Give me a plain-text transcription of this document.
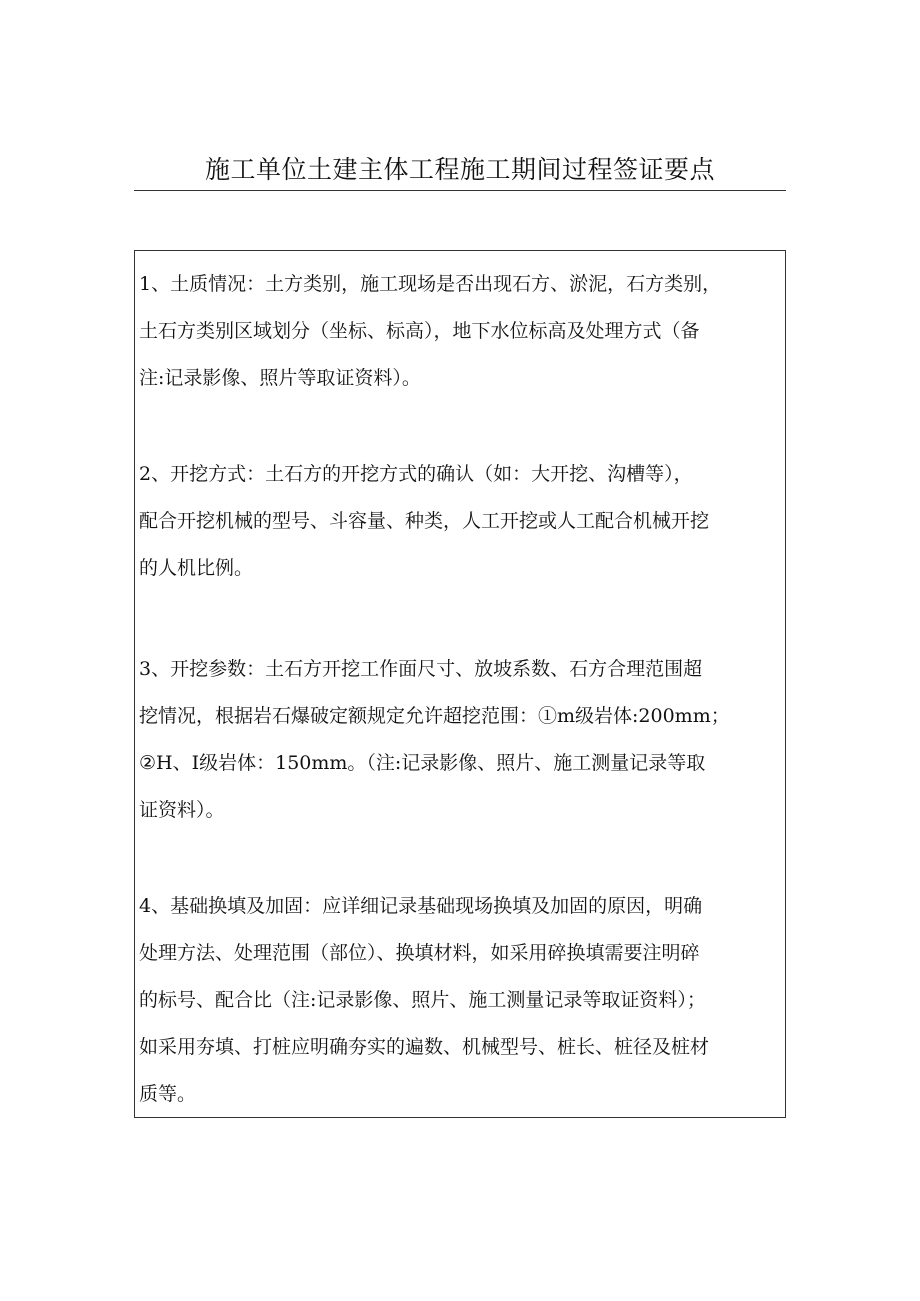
施工单位土建主体工程施工期间过程签证要点
1、土质情况：土方类别，施工现场是否出现石方、淤泥，石方类别，
土石方类别区域划分（坐标、标高），地下水位标高及处理方式（备
注:记录影像、照片等取证资料）。
2、开挖方式：土石方的开挖方式的确认（如：大开挖、沟槽等），
配合开挖机械的型号、斗容量、种类，人工开挖或人工配合机械开挖
的人机比例。
3、开挖参数：土石方开挖工作面尺寸、放坡系数、石方合理范围超
挖情况，根据岩石爆破定额规定允许超挖范围：①m级岩体:200mm；
②H、I级岩体：150mm。（注:记录影像、照片、施工测量记录等取
证资料）。
4、基础换填及加固：应详细记录基础现场换填及加固的原因，明确
处理方法、处理范围（部位）、换填材料，如采用碎换填需要注明碎
的标号、配合比（注:记录影像、照片、施工测量记录等取证资料）；
如采用夯填、打桩应明确夯实的遍数、机械型号、桩长、桩径及桩材
质等。
